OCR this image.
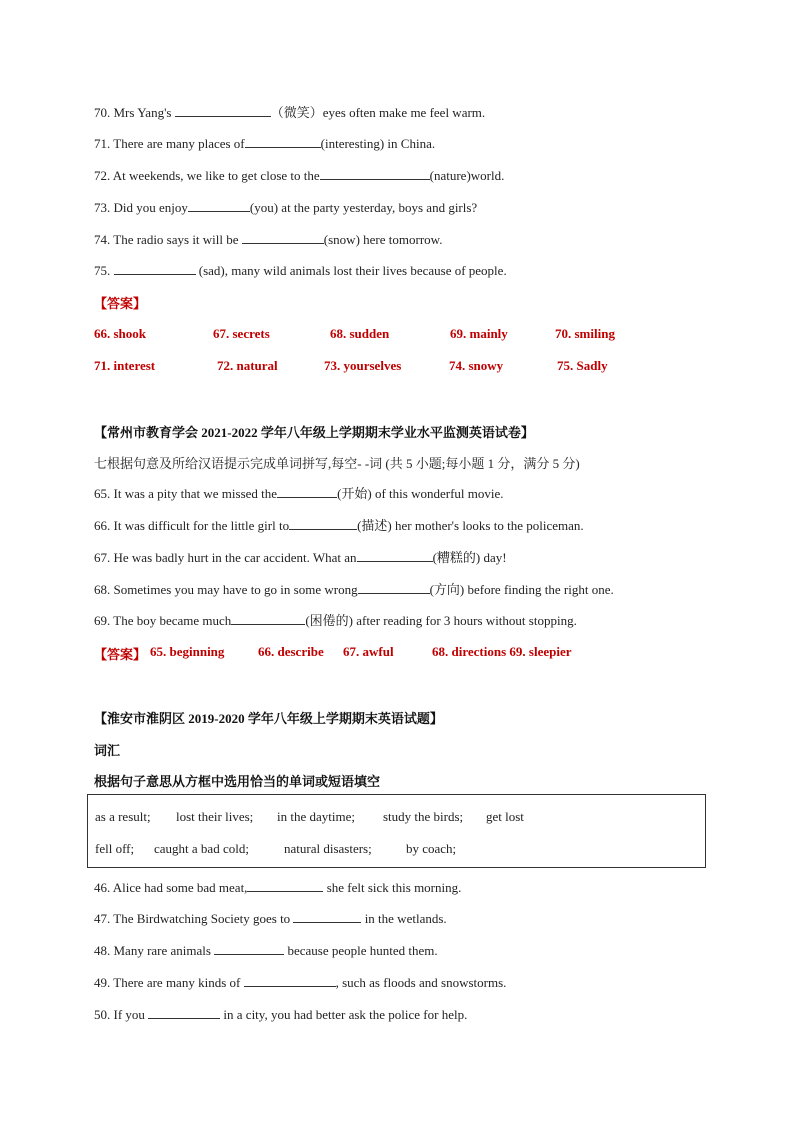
70. Mrs Yang's	（微笑）eyes often make me feel warm.
71. There are many places of	(interesting) in China.
72. At weekends, we like to get close to the	(nature)world.
73. Did you enjoy	(you) at the party yesterday, boys and girls?
74. The radio says it will be	(snow) here tomorrow.
75.	(sad), many wild animals lost their lives because of people.
【答案】
66. shook	67. secrets	68. sudden	69. mainly	70. smiling
71. interest	72. natural	73. yourselves	74. snowy	75. Sadly
【常州市教育学会 2021-2022 学年八年级上学期期末学业水平监测英语试卷】
七根据句意及所给汉语提示完成单词拼写,每空- -词 (共 5 小题;每小题 1 分，满分 5 分)
65. It was a pity that we missed the	(开始) of this wonderful movie.
66. It was difficult for the little girl to	(描述) her mother's looks to the policeman.
67. He was badly hurt in the car accident. What an	(糟糕的) day!
68. Sometimes you may have to go in some wrong	(方向) before finding the right one.
69. The boy became much	(困倦的) after reading for 3 hours without stopping.
【答案】 65. beginning	66. describe 67. awful	68. directions 69. sleepier
【淮安市淮阴区 2019-2020 学年八年级上学期期末英语试题】
词汇
根据句子意思从方框中选用恰当的单词或短语填空
as a result; lost their lives; in the daytime; study the birds; get lost
fell off; caught a bad cold;	natural disasters;	by coach;
46. Alice had some bad meat,	she felt sick this morning.
47. The Birdwatching Society goes to	in the wetlands.
48. Many rare animals	because people hunted them.
49. There are many kinds of	, such as floods and snowstorms.
50. If you	in a city, you had better ask the police for help.
